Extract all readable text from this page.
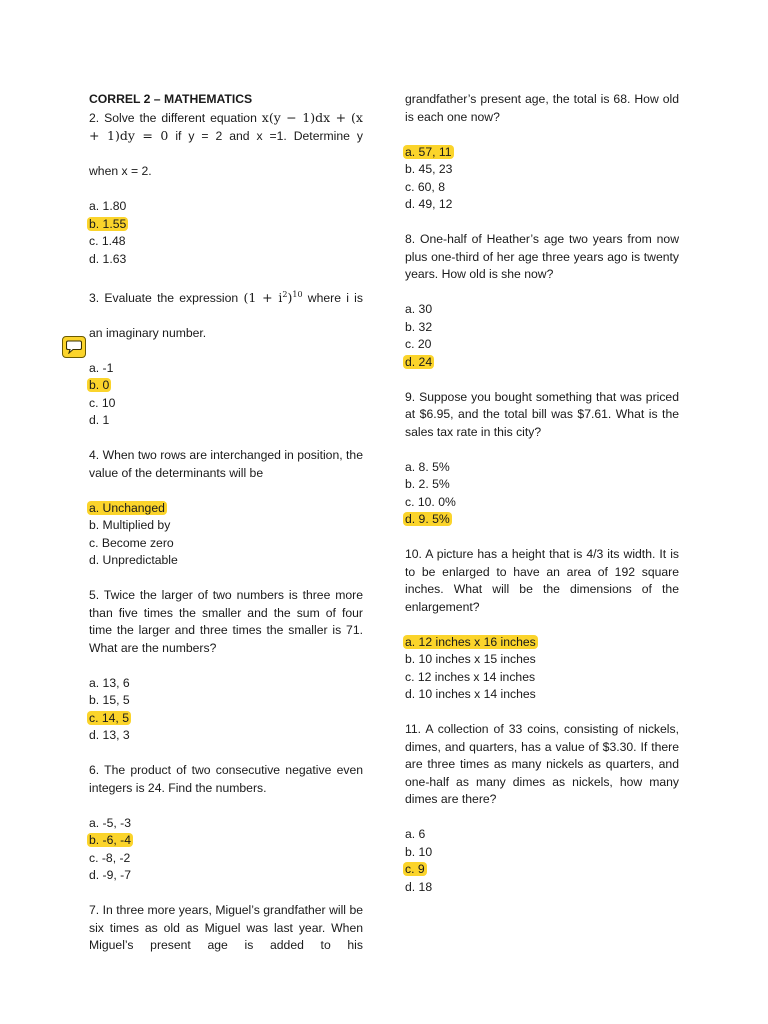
CORREL 2 – MATHEMATICS

2. Solve the different equation x(y − 1)dx + (x + 1)dy = 0 if y = 2 and x =1. Determine y

when x = 2.

a. 1.80
b. 1.55
c. 1.48
d. 1.63

3. Evaluate the expression $(1 + i^2)^{10}$ where i is

an imaginary number.

a. -1
b. 0
c. 10
d. 1

4. When two rows are interchanged in position, the value of the determinants will be

a. Unchanged
b. Multiplied by
c. Become zero
d. Unpredictable

5. Twice the larger of two numbers is three more than five times the smaller and the sum of four time the larger and three times the smaller is 71. What are the numbers?

a. 13, 6
b. 15, 5
c. 14, 5
d. 13, 3

6. The product of two consecutive negative even integers is 24. Find the numbers.

a. -5, -3
b. -6, -4
c. -8, -2
d. -9, -7

7. In three more years, Miguel’s grandfather will be six times as old as Miguel was last year. When Miguel’s present age is added to his

grandfather’s present age, the total is 68. How old is each one now?

a. 57, 11
b. 45, 23
c. 60, 8
d. 49, 12

8. One-half of Heather’s age two years from now plus one-third of her age three years ago is twenty years. How old is she now?

a. 30
b. 32
c. 20
d. 24

9. Suppose you bought something that was priced at $6.95, and the total bill was $7.61. What is the sales tax rate in this city?

a. 8. 5%
b. 2. 5%
c. 10. 0%
d. 9. 5%

10. A picture has a height that is 4/3 its width. It is to be enlarged to have an area of 192 square inches. What will be the dimensions of the enlargement?

a. 12 inches x 16 inches
b. 10 inches x 15 inches
c. 12 inches x 14 inches
d. 10 inches x 14 inches

11. A collection of 33 coins, consisting of nickels, dimes, and quarters, has a value of $3.30. If there are three times as many nickels as quarters, and one-half as many dimes as nickels, how many dimes are there?

a. 6
b. 10
c. 9
d. 18
